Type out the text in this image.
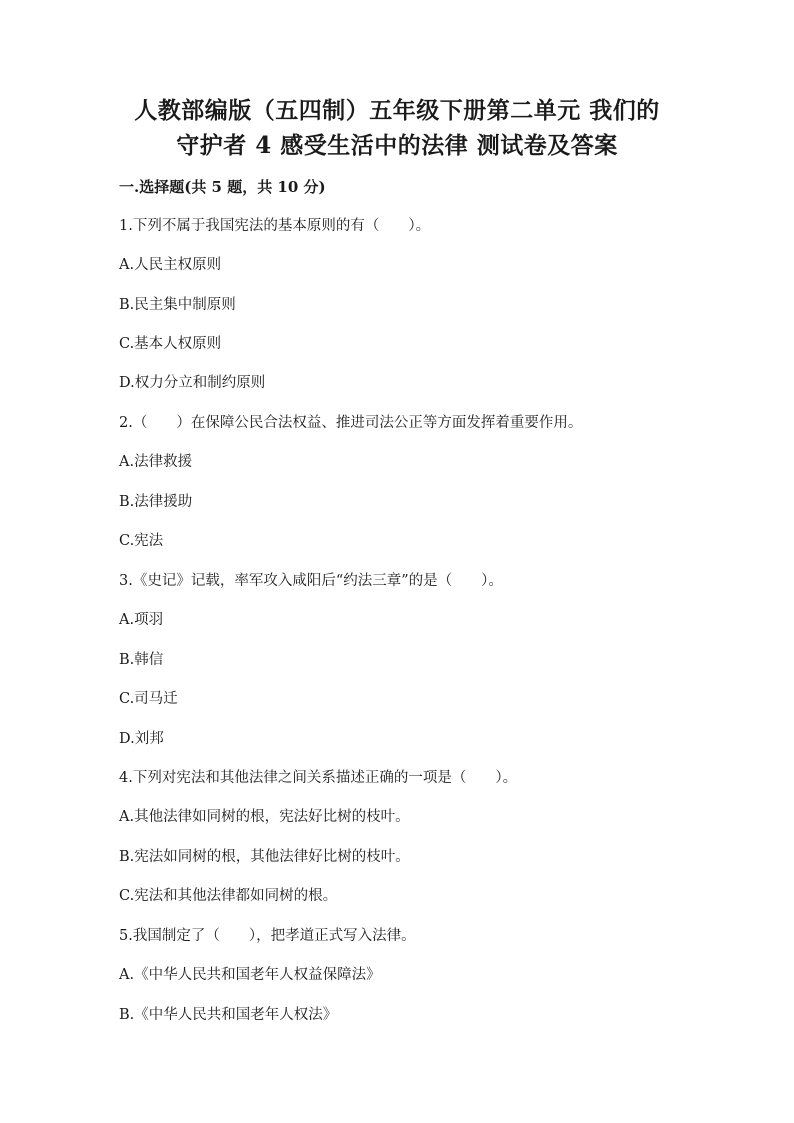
人教部编版（五四制）五年级下册第二单元 我们的
守护者 4 感受生活中的法律 测试卷及答案
一.选择题(共 5 题，共 10 分)
1.下列不属于我国宪法的基本原则的有（　　）。
A.人民主权原则
B.民主集中制原则
C.基本人权原则
D.权力分立和制约原则
2.（　　）在保障公民合法权益、推进司法公正等方面发挥着重要作用。
A.法律救援
B.法律援助
C.宪法
3.《史记》记载，率军攻入咸阳后“约法三章”的是（　　）。
A.项羽
B.韩信
C.司马迁
D.刘邦
4.下列对宪法和其他法律之间关系描述正确的一项是（　　）。
A.其他法律如同树的根，宪法好比树的枝叶。
B.宪法如同树的根，其他法律好比树的枝叶。
C.宪法和其他法律都如同树的根。
5.我国制定了（　　），把孝道正式写入法律。
A.《中华人民共和国老年人权益保障法》
B.《中华人民共和国老年人权法》
